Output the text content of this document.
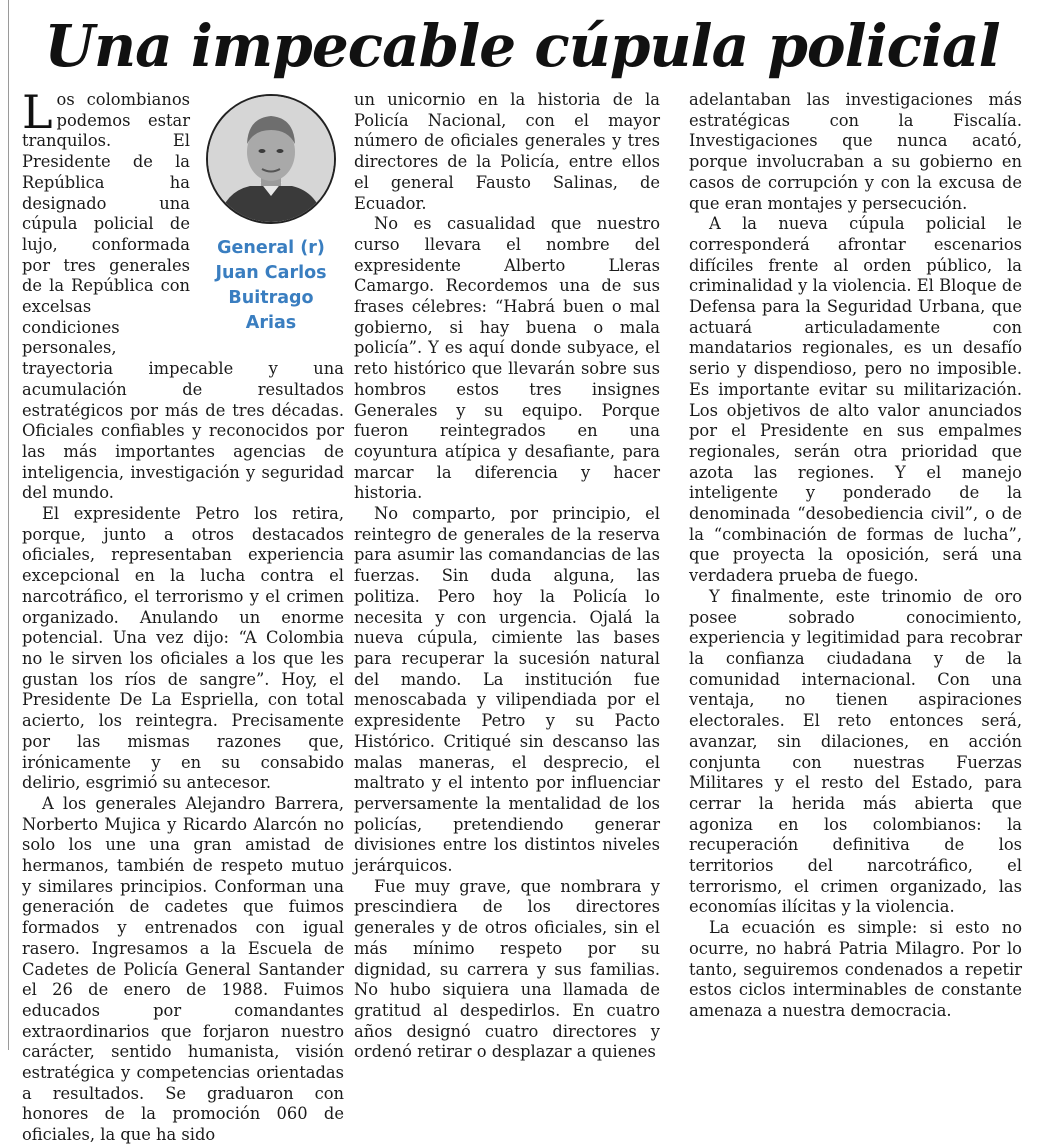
Una impecable cúpula policial
General (r)
Juan Carlos
Buitrago
Arias

Los colombianos podemos estar tranquilos. El Presidente de la República ha designado una cúpula policial de lujo, conformada por tres generales de la República con excelsas condiciones personales, trayectoria impecable y una acumulación de resultados estratégicos por más de tres décadas. Oficiales confiables y reconocidos por las más importantes agencias de inteligencia, investigación y seguridad del mundo.

El expresidente Petro los retira, porque, junto a otros destacados oficiales, representaban experiencia excepcional en la lucha contra el narcotráfico, el terrorismo y el crimen organizado. Anulando un enorme potencial. Una vez dijo: “A Colombia no le sirven los oficiales a los que les gustan los ríos de sangre”. Hoy, el Presidente De La Espriella, con total acierto, los reintegra. Precisamente por las mismas razones que, irónicamente y en su consabido delirio, esgrimió su antecesor.

A los generales Alejandro Barrera, Norberto Mujica y Ricardo Alarcón no solo los une una gran amistad de hermanos, también de respeto mutuo y similares principios. Conforman una generación de cadetes que fuimos formados y entrenados con igual rasero. Ingresamos a la Escuela de Cadetes de Policía General Santander el 26 de enero de 1988. Fuimos educados por comandantes extraordinarios que forjaron nuestro carácter, sentido humanista, visión estratégica y competencias orientadas a resultados. Se graduaron con honores de la promoción 060 de oficiales, la que ha sido

un unicornio en la historia de la Policía Nacional, con el mayor número de oficiales generales y tres directores de la Policía, entre ellos el general Fausto Salinas, de Ecuador.

No es casualidad que nuestro curso llevara el nombre del expresidente Alberto Lleras Camargo. Recordemos una de sus frases célebres: “Habrá buen o mal gobierno, si hay buena o mala policía”. Y es aquí donde subyace, el reto histórico que llevarán sobre sus hombros estos tres insignes Generales y su equipo. Porque fueron reintegrados en una coyuntura atípica y desafiante, para marcar la diferencia y hacer historia.

No comparto, por principio, el reintegro de generales de la reserva para asumir las comandancias de las fuerzas. Sin duda alguna, las politiza. Pero hoy la Policía lo necesita y con urgencia. Ojalá la nueva cúpula, cimiente las bases para recuperar la sucesión natural del mando. La institución fue menoscabada y vilipendiada por el expresidente Petro y su Pacto Histórico. Critiqué sin descanso las malas maneras, el desprecio, el maltrato y el intento por influenciar perversamente la mentalidad de los policías, pretendiendo generar divisiones entre los distintos niveles jerárquicos.

Fue muy grave, que nombrara y prescindiera de los directores generales y de otros oficiales, sin el más mínimo respeto por su dignidad, su carrera y sus familias. No hubo siquiera una llamada de gratitud al despedirlos. En cuatro años designó cuatro directores y ordenó retirar o desplazar a quienes

adelantaban las investigaciones más estratégicas con la Fiscalía. Investigaciones que nunca acató, porque involucraban a su gobierno en casos de corrupción y con la excusa de que eran montajes y persecución.

A la nueva cúpula policial le corresponderá afrontar escenarios difíciles frente al orden público, la criminalidad y la violencia. El Bloque de Defensa para la Seguridad Urbana, que actuará articuladamente con mandatarios regionales, es un desafío serio y dispendioso, pero no imposible. Es importante evitar su militarización. Los objetivos de alto valor anunciados por el Presidente en sus empalmes regionales, serán otra prioridad que azota las regiones. Y el manejo inteligente y ponderado de la denominada “desobediencia civil”, o de la “combinación de formas de lucha”, que proyecta la oposición, será una verdadera prueba de fuego.

Y finalmente, este trinomio de oro posee sobrado conocimiento, experiencia y legitimidad para recobrar la confianza ciudadana y de la comunidad internacional. Con una ventaja, no tienen aspiraciones electorales. El reto entonces será, avanzar, sin dilaciones, en acción conjunta con nuestras Fuerzas Militares y el resto del Estado, para cerrar la herida más abierta que agoniza en los colombianos: la recuperación definitiva de los territorios del narcotráfico, el terrorismo, el crimen organizado, las economías ilícitas y la violencia.

La ecuación es simple: si esto no ocurre, no habrá Patria Milagro. Por lo tanto, seguiremos condenados a repetir estos ciclos interminables de constante amenaza a nuestra democracia.
